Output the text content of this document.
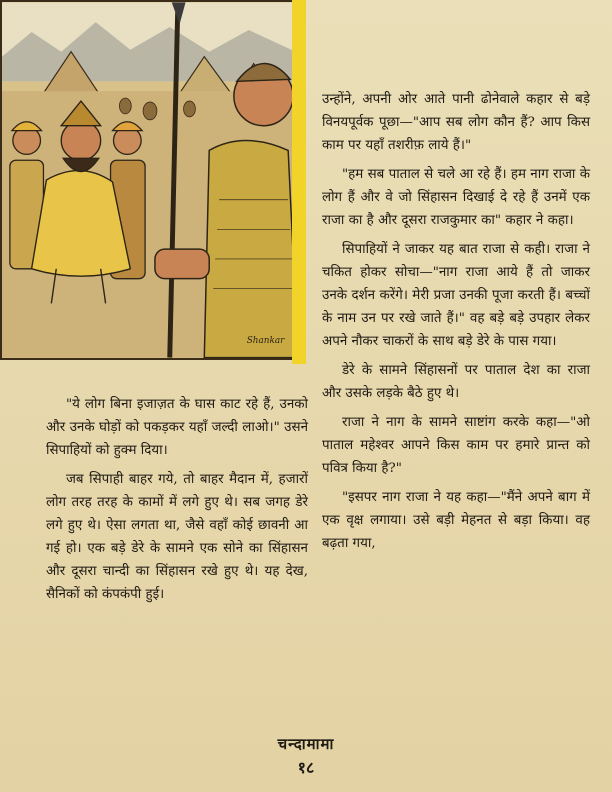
Shankar

उन्होंने, अपनी ओर आते पानी ढोनेवाले कहार से बड़े विनयपूर्वक पूछा—"आप सब लोग कौन हैं? आप किस काम पर यहाँ तशरीफ़ लाये हैं।"

"हम सब पाताल से चले आ रहे हैं। हम नाग राजा के लोग हैं और वे जो सिंहासन दिखाई दे रहे हैं उनमें एक राजा का है और दूसरा राजकुमार का" कहार ने कहा।

सिपाहियों ने जाकर यह बात राजा से कही। राजा ने चकित होकर सोचा—"नाग राजा आये हैं तो जाकर उनके दर्शन करेंगे। मेरी प्रजा उनकी पूजा करती हैं। बच्चों के नाम उन पर रखे जाते हैं।" वह बड़े बड़े उपहार लेकर अपने नौकर चाकरों के साथ बड़े डेरे के पास गया।

डेरे के सामने सिंहासनों पर पाताल देश का राजा और उसके लड़के बैठे हुए थे।

राजा ने नाग के सामने साष्टांग करके कहा—"ओ पाताल महेश्वर आपने किस काम पर हमारे प्रान्त को पवित्र किया है?"

"इसपर नाग राजा ने यह कहा—"मैंने अपने बाग में एक वृक्ष लगाया। उसे बड़ी मेहनत से बड़ा किया। वह बढ़ता गया,

"ये लोग बिना इजाज़त के घास काट रहे हैं, उनको और उनके घोड़ों को पकड़कर यहाँ जल्दी लाओ।" उसने सिपाहियों को हुक्म दिया।

जब सिपाही बाहर गये, तो बाहर मैदान में, हजारों लोग तरह तरह के कामों में लगे हुए थे। सब जगह डेरे लगे हुए थे। ऐसा लगता था, जैसे वहाँ कोई छावनी आ गई हो। एक बड़े डेरे के सामने एक सोने का सिंहासन और दूसरा चान्दी का सिंहासन रखे हुए थे। यह देख, सैनिकों को कंपकंपी हुई।

चन्दामामा
१८
